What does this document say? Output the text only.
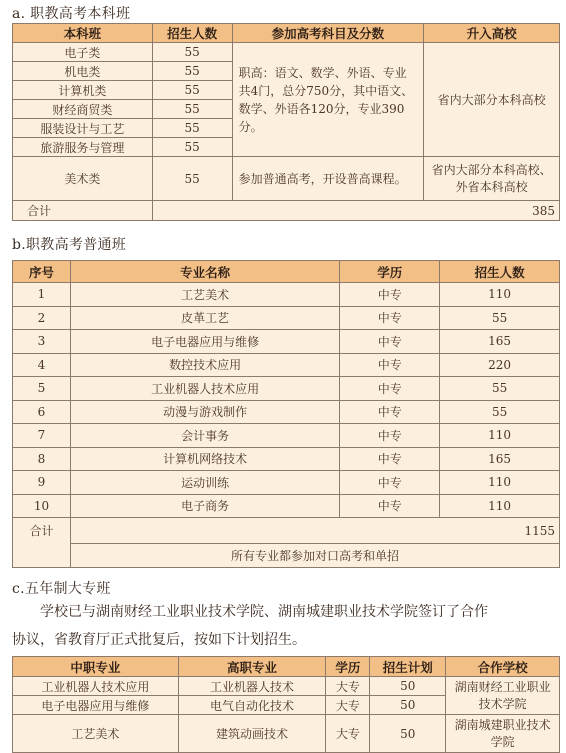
a. 职教高考本科班
本科班	招生人数	参加高考科目及分数	升入高校
电子类	55	职高：语文、数学、外语、专业共4门，总分750分，其中语文、数学、外语各120分，专业390分。	省内大部分本科高校
机电类	55		
计算机类	55		
财经商贸类	55		
服装设计与工艺	55		
旅游服务与管理	55		
美术类	55	参加普通高考，开设普高课程。	省内大部分本科高校、外省本科高校
合计	385		
b.职教高考普通班
序号	专业名称	学历	招生人数
1	工艺美术	中专	110
2	皮革工艺	中专	55
3	电子电器应用与维修	中专	165
4	数控技术应用	中专	220
5	工业机器人技术应用	中专	55
6	动漫与游戏制作	中专	55
7	会计事务	中专	110
8	计算机网络技术	中专	165
9	运动训练	中专	110
10	电子商务	中专	110
合计	1155		
	所有专业都参加对口高考和单招		
c.五年制大专班
学校已与湖南财经工业职业技术学院、湖南城建职业技术学院签订了合作
协议，省教育厅正式批复后，按如下计划招生。
中职专业	高职专业	学历	招生计划	合作学校
工业机器人技术应用	工业机器人技术	大专	50	湖南财经工业职业技术学院
电子电器应用与维修	电气自动化技术	大专	50	
工艺美术	建筑动画技术	大专	50	湖南城建职业技术学院
